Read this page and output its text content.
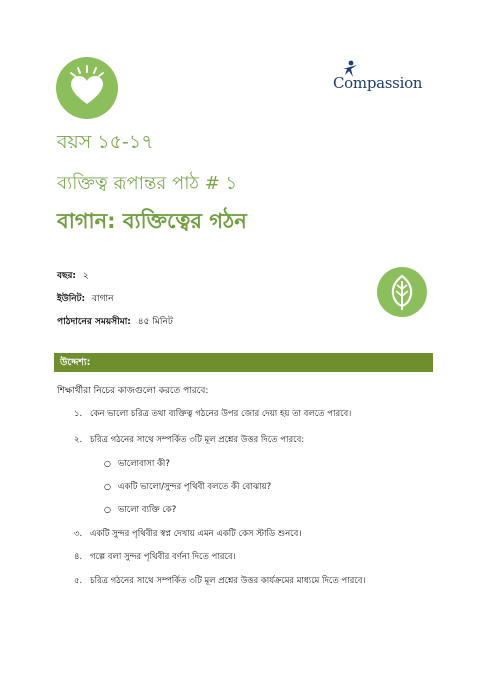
Compassion
বয়স ১৫-১৭
ব্যক্তিত্ব রূপান্তর পাঠ # ১
বাগান: ব্যক্তিত্বের গঠন
বছর: ২
ইউনিট: বাগান
পাঠদানের সময়সীমা: ৪৫ মিনিট
উদ্দেশ্য:
শিক্ষার্থীরা নিচের কাজগুলো করতে পারবে:
১. কেন ভালো চরিত্র তথা ব্যক্তিত্ব গঠনের উপর জোর দেয়া হয় তা বলতে পারবে।
২. চরিত্র গঠনের সাথে সম্পর্কিত ৩টি মূল প্রশ্নের উত্তর দিতে পারবে:
○ ভালোবাসা কী?
○ একটি ভালো/সুন্দর পৃথিবী বলতে কী বোঝায়?
○ ভালো ব্যক্তি কে?
৩. একটি সুন্দর পৃথিবীর স্বপ্ন দেখায় এমন একটি কেস স্টাডি শুনবে।
৪. গল্পে বলা সুন্দর পৃথিবীর বর্ণনা দিতে পারবে।
৫. চরিত্র গঠনের সাথে সম্পর্কিত ৩টি মূল প্রশ্নের উত্তর কার্যক্রমের মাধ্যমে দিতে পারবে।
